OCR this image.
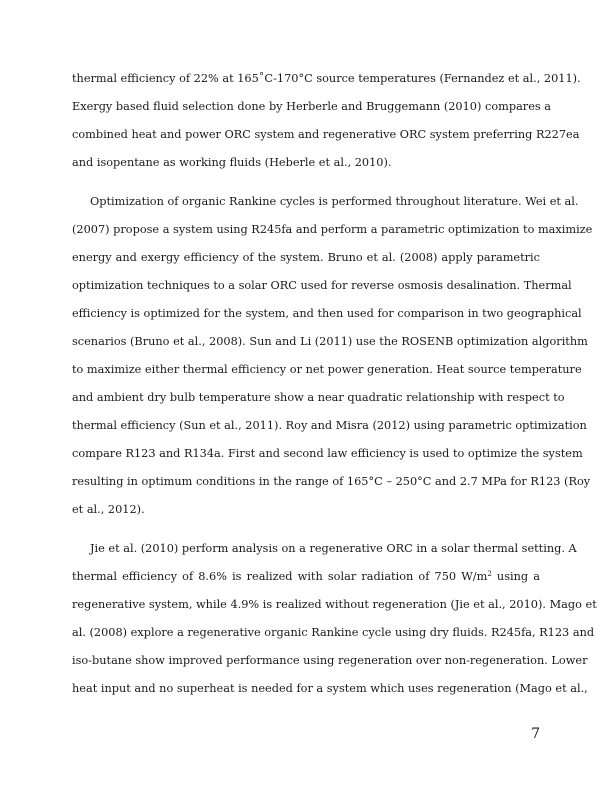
thermal efficiency of 22% at 165˚C-170°C source temperatures (Fernandez et al., 2011).
Exergy based fluid selection done by Herberle and Bruggemann (2010) compares a
combined heat and power ORC system and regenerative ORC system preferring R227ea
and isopentane as working fluids (Heberle et al., 2010).
Optimization of organic Rankine cycles is performed throughout literature. Wei et al.
(2007) propose a system using R245fa and perform a parametric optimization to maximize
energy and exergy efficiency of the system. Bruno et al. (2008) apply parametric
optimization techniques to a solar ORC used for reverse osmosis desalination. Thermal
efficiency is optimized for the system, and then used for comparison in two geographical
scenarios (Bruno et al., 2008). Sun and Li (2011) use the ROSENB optimization algorithm
to maximize either thermal efficiency or net power generation. Heat source temperature
and ambient dry bulb temperature show a near quadratic relationship with respect to
thermal efficiency (Sun et al., 2011). Roy and Misra (2012) using parametric optimization
compare R123 and R134a. First and second law efficiency is used to optimize the system
resulting in optimum conditions in the range of 165°C – 250°C and 2.7 MPa for R123 (Roy
et al., 2012).
Jie et al. (2010) perform analysis on a regenerative ORC in a solar thermal setting. A
thermal efficiency of 8.6% is realized with solar radiation of 750 $W/m^2$ using a
regenerative system, while 4.9% is realized without regeneration (Jie et al., 2010). Mago et
al. (2008) explore a regenerative organic Rankine cycle using dry fluids. R245fa, R123 and
iso-butane show improved performance using regeneration over non-regeneration. Lower
heat input and no superheat is needed for a system which uses regeneration (Mago et al.,
7
